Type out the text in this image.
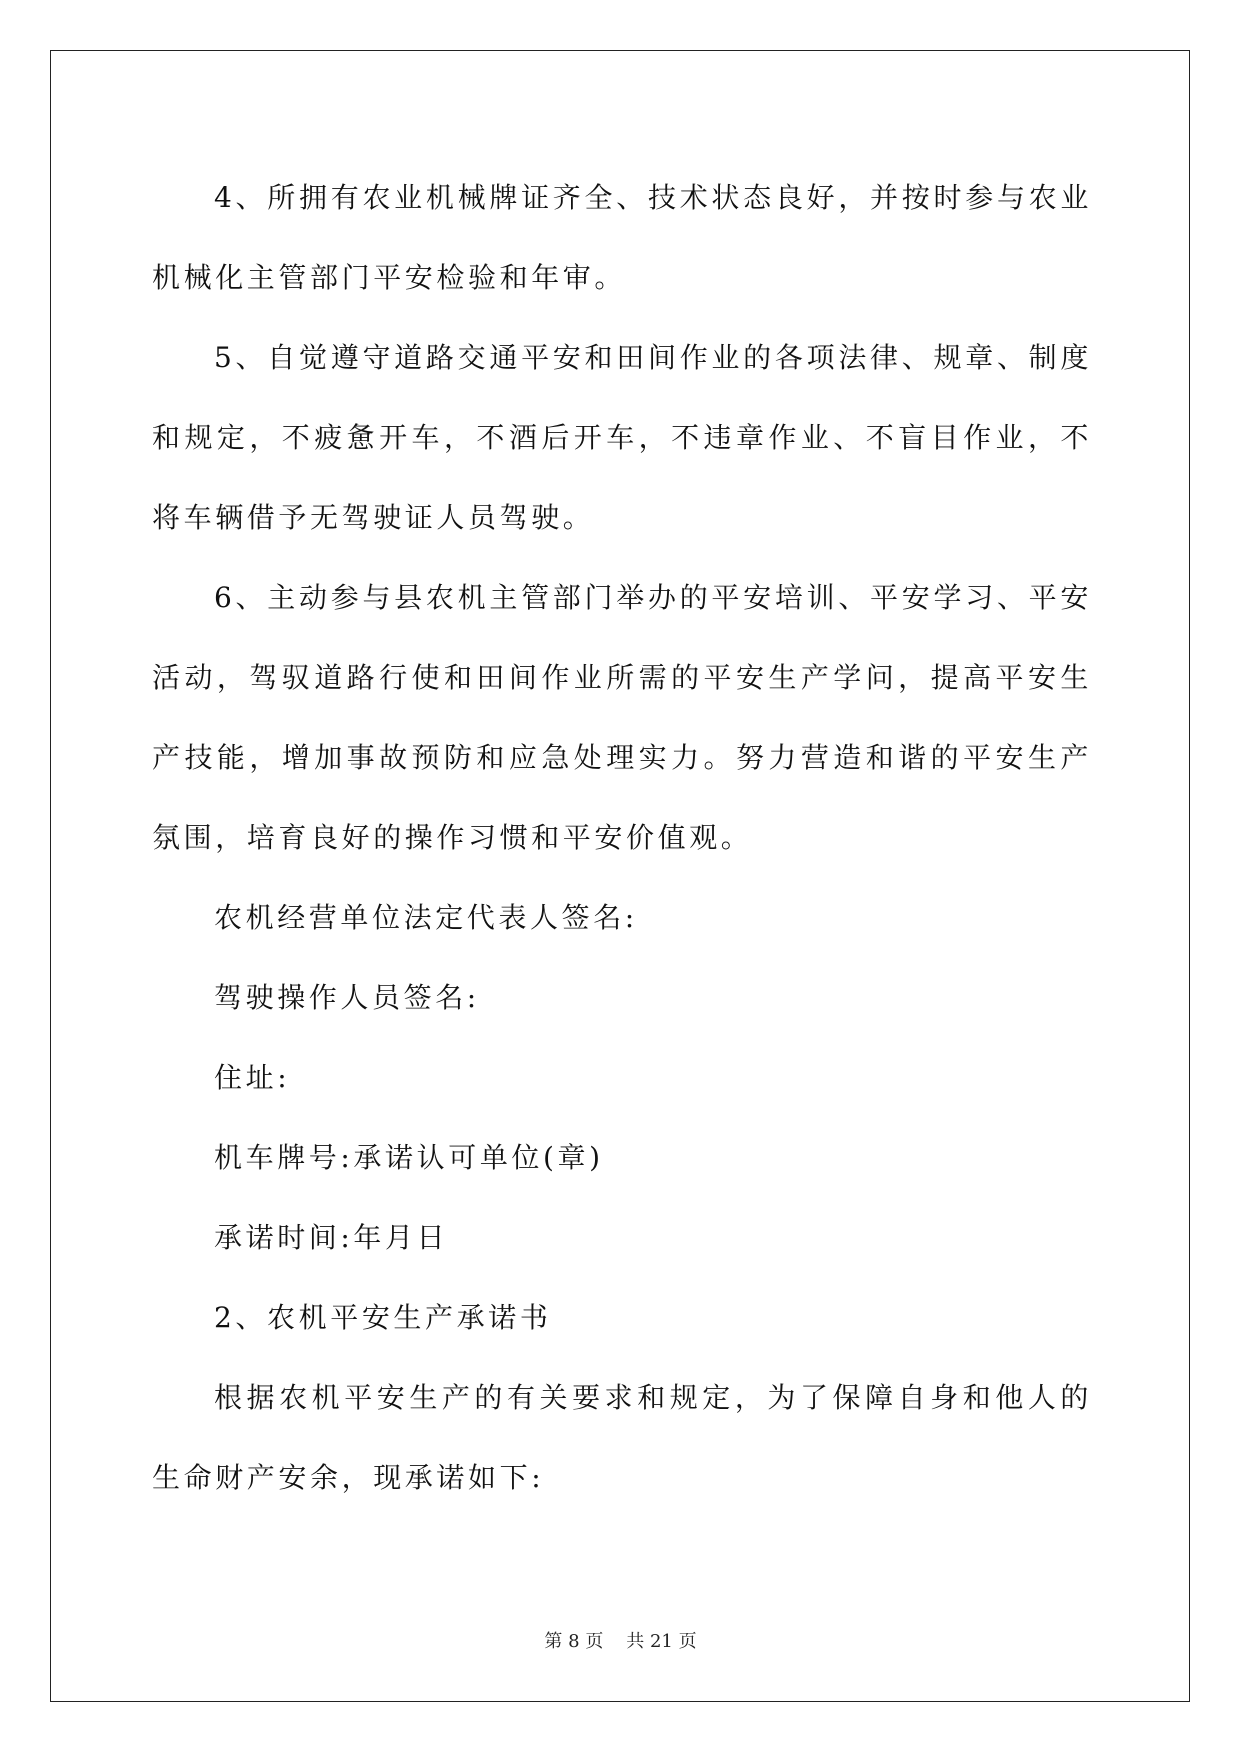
4、所拥有农业机械牌证齐全、技术状态良好，并按时参与农业机械化主管部门平安检验和年审。

5、自觉遵守道路交通平安和田间作业的各项法律、规章、制度和规定，不疲惫开车，不酒后开车，不违章作业、不盲目作业，不将车辆借予无驾驶证人员驾驶。

6、主动参与县农机主管部门举办的平安培训、平安学习、平安活动，驾驭道路行使和田间作业所需的平安生产学问，提高平安生产技能，增加事故预防和应急处理实力。努力营造和谐的平安生产氛围，培育良好的操作习惯和平安价值观。

农机经营单位法定代表人签名:

驾驶操作人员签名:

住址:

机车牌号:承诺认可单位(章)

承诺时间:年月日

2、农机平安生产承诺书

根据农机平安生产的有关要求和规定，为了保障自身和他人的生命财产安余，现承诺如下:

第 8 页 共 21 页
